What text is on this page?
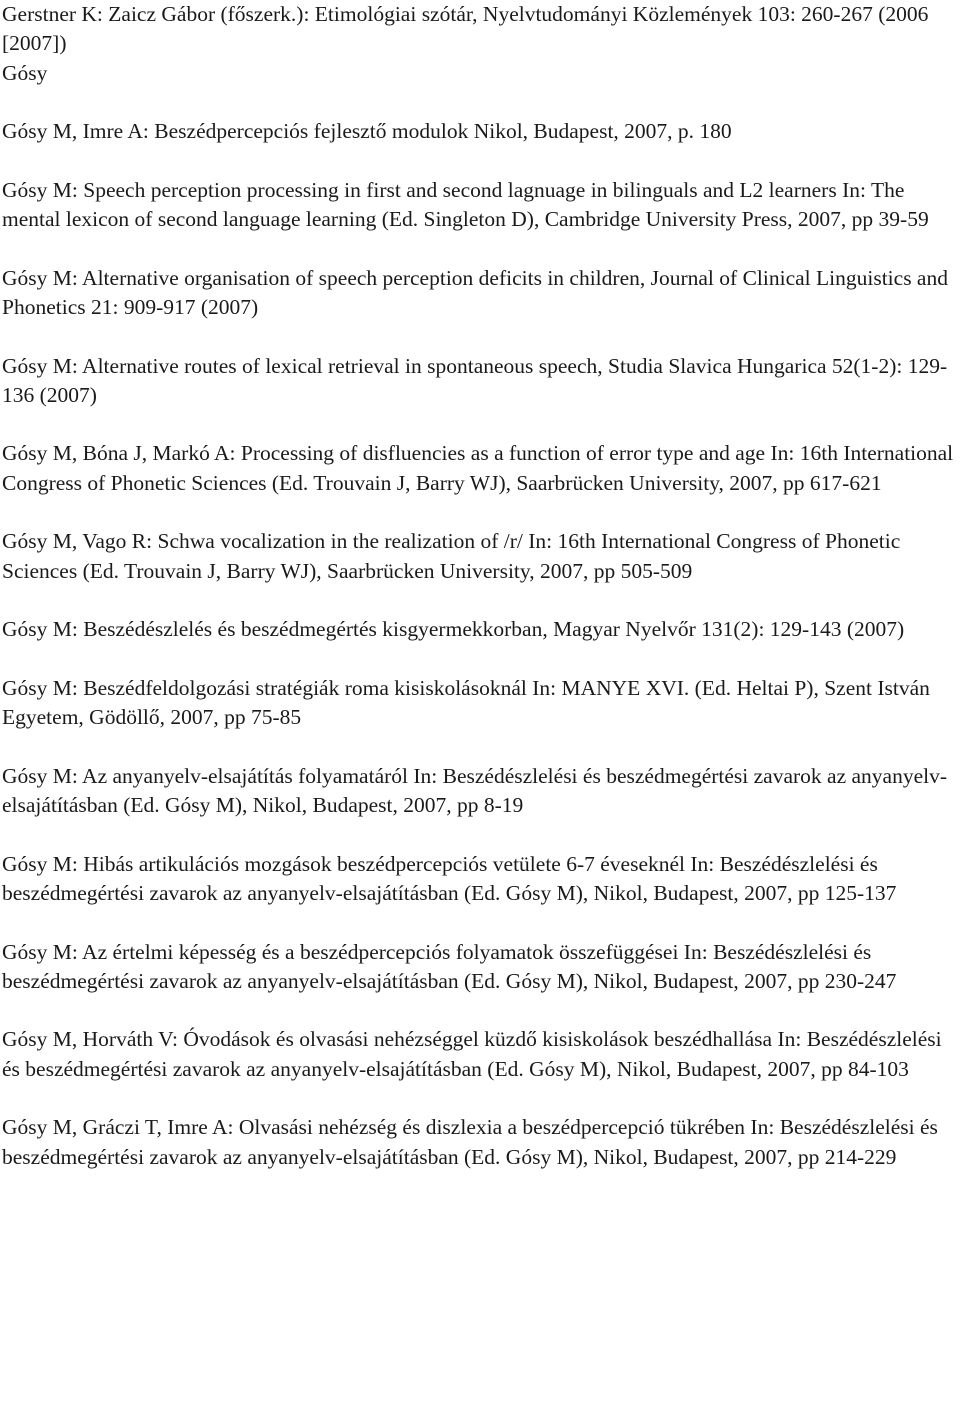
Gerstner K: Zaicz Gábor (főszerk.): Etimológiai szótár, Nyelvtudományi Közlemények 103: 260-267 (2006 [2007])

Gósy

Gósy M, Imre A: Beszédpercepciós fejlesztő modulok Nikol, Budapest, 2007, p. 180

Gósy M: Speech perception processing in first and second lagnuage in bilinguals and L2 learners In: The mental lexicon of second language learning (Ed. Singleton D), Cambridge University Press, 2007, pp 39-59

Gósy M: Alternative organisation of speech perception deficits in children, Journal of Clinical Linguistics and Phonetics 21: 909-917 (2007)

Gósy M: Alternative routes of lexical retrieval in spontaneous speech, Studia Slavica Hungarica 52(1-2): 129-136 (2007)

Gósy M, Bóna J, Markó A: Processing of disfluencies as a function of error type and age In: 16th International Congress of Phonetic Sciences (Ed. Trouvain J, Barry WJ), Saarbrücken University, 2007, pp 617-621

Gósy M, Vago R: Schwa vocalization in the realization of /r/ In: 16th International Congress of Phonetic Sciences (Ed. Trouvain J, Barry WJ), Saarbrücken University, 2007, pp 505-509

Gósy M: Beszédészlelés és beszédmegértés kisgyermekkorban, Magyar Nyelvőr 131(2): 129-143 (2007)

Gósy M: Beszédfeldolgozási stratégiák roma kisiskolásoknál In: MANYE XVI. (Ed. Heltai P), Szent István Egyetem, Gödöllő, 2007, pp 75-85

Gósy M: Az anyanyelv-elsajátítás folyamatáról In: Beszédészlelési és beszédmegértési zavarok az anyanyelv-elsajátításban (Ed. Gósy M), Nikol, Budapest, 2007, pp 8-19

Gósy M: Hibás artikulációs mozgások beszédpercepciós vetülete 6-7 éveseknél In: Beszédészlelési és beszédmegértési zavarok az anyanyelv-elsajátításban (Ed. Gósy M), Nikol, Budapest, 2007, pp 125-137

Gósy M: Az értelmi képesség és a beszédpercepciós folyamatok összefüggései In: Beszédészlelési és beszédmegértési zavarok az anyanyelv-elsajátításban (Ed. Gósy M), Nikol, Budapest, 2007, pp 230-247

Gósy M, Horváth V: Óvodások és olvasási nehézséggel küzdő kisiskolások beszédhallása In: Beszédészlelési és beszédmegértési zavarok az anyanyelv-elsajátításban (Ed. Gósy M), Nikol, Budapest, 2007, pp 84-103

Gósy M, Gráczi T, Imre A: Olvasási nehézség és diszlexia a beszédpercepció tükrében In: Beszédészlelési és beszédmegértési zavarok az anyanyelv-elsajátításban (Ed. Gósy M), Nikol, Budapest, 2007, pp 214-229
